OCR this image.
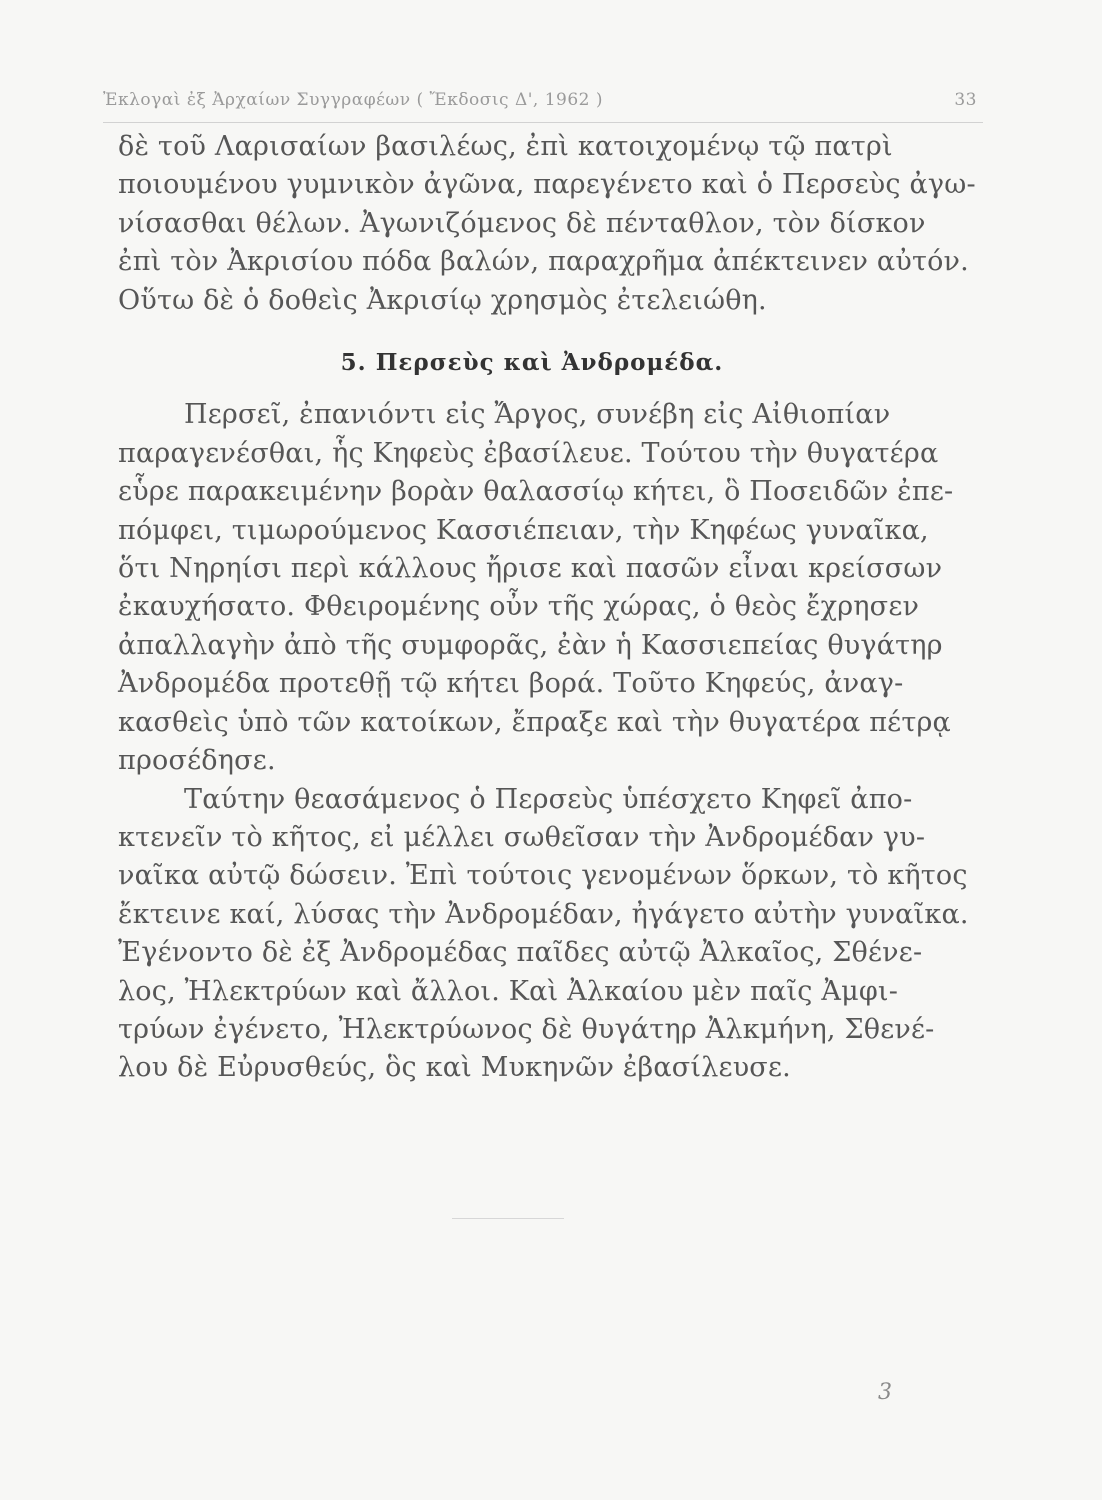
Ἐκλογαὶ ἐξ Ἀρχαίων Συγγραφέων ( Ἔκδοσις Δ', 1962 )	33

δὲ τοῦ Λαρισαίων βασιλέως, ἐπὶ κατοιχομένῳ τῷ πατρὶ
ποιουμένου γυμνικὸν ἀγῶνα, παρεγένετο καὶ ὁ Περσεὺς ἀγω-
νίσασθαι θέλων. Ἀγωνιζόμενος δὲ πένταθλον, τὸν δίσκον
ἐπὶ τὸν Ἀκρισίου πόδα βαλών, παραχρῆμα ἀπέκτεινεν αὐτόν.
Οὕτω δὲ ὁ δοθεὶς Ἀκρισίῳ χρησμὸς ἐτελειώθη.

5. Περσεὺς καὶ Ἀνδρομέδα.

Περσεῖ, ἐπανιόντι εἰς Ἄργος, συνέβη εἰς Αἰθιοπίαν
παραγενέσθαι, ἧς Κηφεὺς ἐβασίλευε. Τούτου τὴν θυγατέρα
εὗρε παρακειμένην βορὰν θαλασσίῳ κήτει, ὃ Ποσειδῶν ἐπε-
πόμφει, τιμωρούμενος Κασσιέπειαν, τὴν Κηφέως γυναῖκα,
ὅτι Νηρηίσι περὶ κάλλους ἤρισε καὶ πασῶν εἶναι κρείσσων
ἐκαυχήσατο. Φθειρομένης οὖν τῆς χώρας, ὁ θεὸς ἔχρησεν
ἀπαλλαγὴν ἀπὸ τῆς συμφορᾶς, ἐὰν ἡ Κασσιεπείας θυγάτηρ
Ἀνδρομέδα προτεθῇ τῷ κήτει βορά. Τοῦτο Κηφεύς, ἀναγ-
κασθεὶς ὑπὸ τῶν κατοίκων, ἔπραξε καὶ τὴν θυγατέρα πέτρᾳ
προσέδησε.

Ταύτην θεασάμενος ὁ Περσεὺς ὑπέσχετο Κηφεῖ ἀπο-
κτενεῖν τὸ κῆτος, εἰ μέλλει σωθεῖσαν τὴν Ἀνδρομέδαν γυ-
ναῖκα αὐτῷ δώσειν. Ἐπὶ τούτοις γενομένων ὅρκων, τὸ κῆτος
ἔκτεινε καί, λύσας τὴν Ἀνδρομέδαν, ἠγάγετο αὐτὴν γυναῖκα.
Ἐγένοντο δὲ ἐξ Ἀνδρομέδας παῖδες αὐτῷ Ἀλκαῖος, Σθένε-
λος, Ἠλεκτρύων καὶ ἄλλοι. Καὶ Ἀλκαίου μὲν παῖς Ἀμφι-
τρύων ἐγένετο, Ἠλεκτρύωνος δὲ θυγάτηρ Ἀλκμήνη, Σθενέ-
λου δὲ Εὐρυσθεύς, ὃς καὶ Μυκηνῶν ἐβασίλευσε.

3
